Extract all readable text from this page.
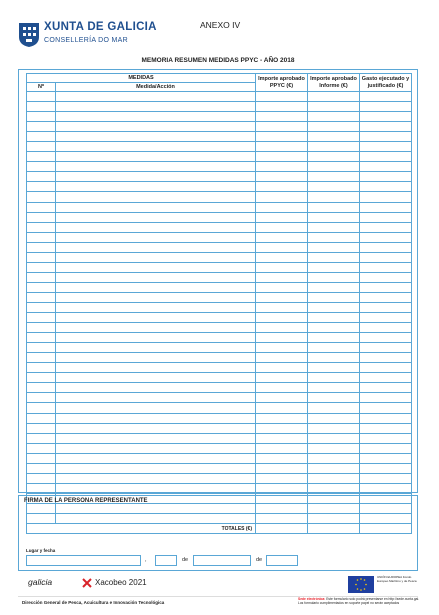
XUNTA DE GALICIA
CONSELLERÍA DO MAR
ANEXO IV
MEMORIA RESUMEN MEDIDAS PPYC - AÑO 2018
MEDIDAS		Importe aprobado PPYC (€)	Importe aprobado Informe (€)	Gasto ejecutado y justificado (€)
Nº	Medida/Acción			

TOTALES (€)				
FIRMA DE LA PERSONA REPRESENTANTE
Lugar y fecha
,	de	de
galicia	Xacobeo 2021
UNIÓN EUROPEA Fondo Europeo Marítimo y de Pesca
Dirección General de Pesca, Acuicultura e Innovación Tecnológica
Sede electrónica: Este formulario solo podrá presentarse en http://sede.xunta.gal. Los formulario cumplimentados en soporte papel no serán aceptados
